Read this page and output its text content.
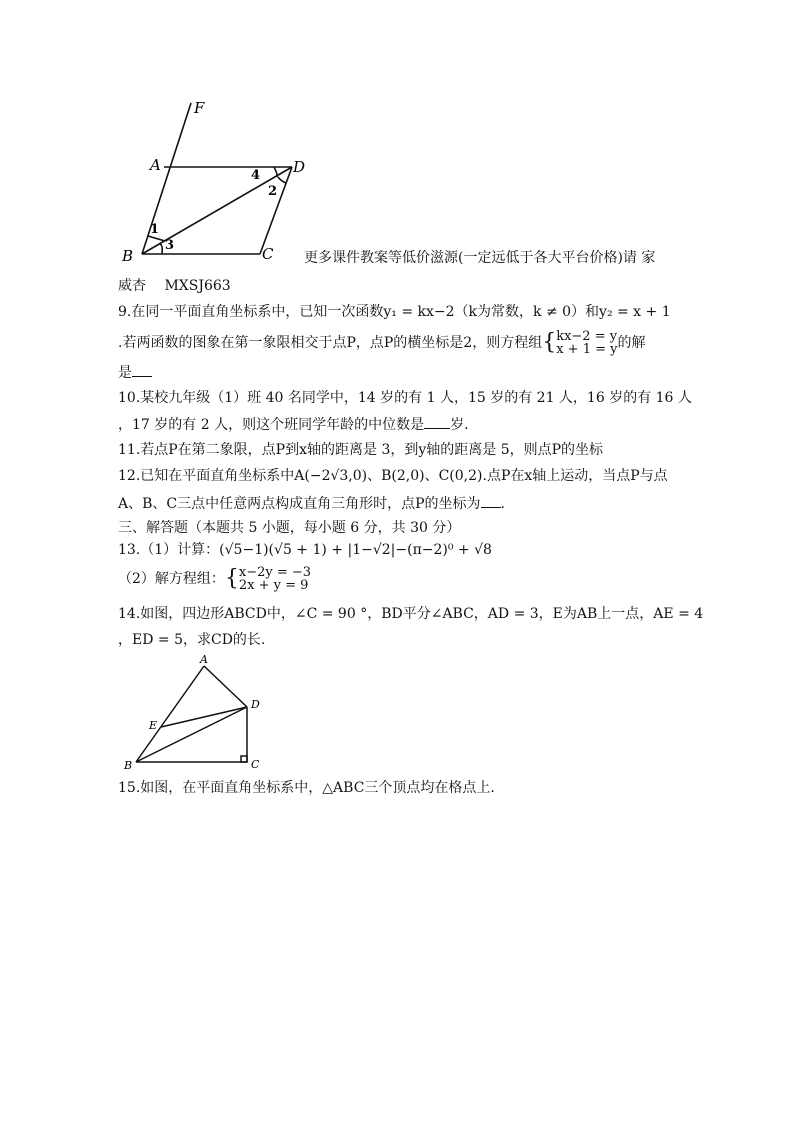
F
A	D
B	C
1
2
3
4
更多课件教案等低价滋源(一定远低于各大平台价格)请 家
威杏　 MXSJ663
9.在同一平面直角坐标系中，已知一次函数y₁ = kx−2（k为常数，k ≠ 0）和y₂ = x + 1
.若两函数的图象在第一象限相交于点P，点P的横坐标是2，则方程组{ kx−2 = y
x + 1 = y 的解
是
10.某校九年级（1）班 40 名同学中，14 岁的有 1 人，15 岁的有 21 人，16 岁的有 16 人
，17 岁的有 2 人，则这个班同学年龄的中位数是 岁.
11.若点P在第二象限，点P到x轴的距离是 3，到y轴的距离是 5，则点P的坐标
12.已知在平面直角坐标系中A(−2√3,0)、B(2,0)、C(0,2).点P在x轴上运动，当点P与点
A、B、C三点中任意两点构成直角三角形时，点P的坐标为 .
三、解答题（本题共 5 小题，每小题 6 分，共 30 分）
13.（1）计算：(√5−1)(√5 + 1) + |1−√2|−(π−2)⁰ + √8
（2）解方程组：{ x−2y = −3
2x + y = 9
14.如图，四边形ABCD中，∠C = 90 °，BD平分∠ABC，AD = 3，E为AB上一点，AE = 4
，ED = 5，求CD的长.
A
D
E
B	C
15.如图，在平面直角坐标系中，△ABC三个顶点均在格点上.
